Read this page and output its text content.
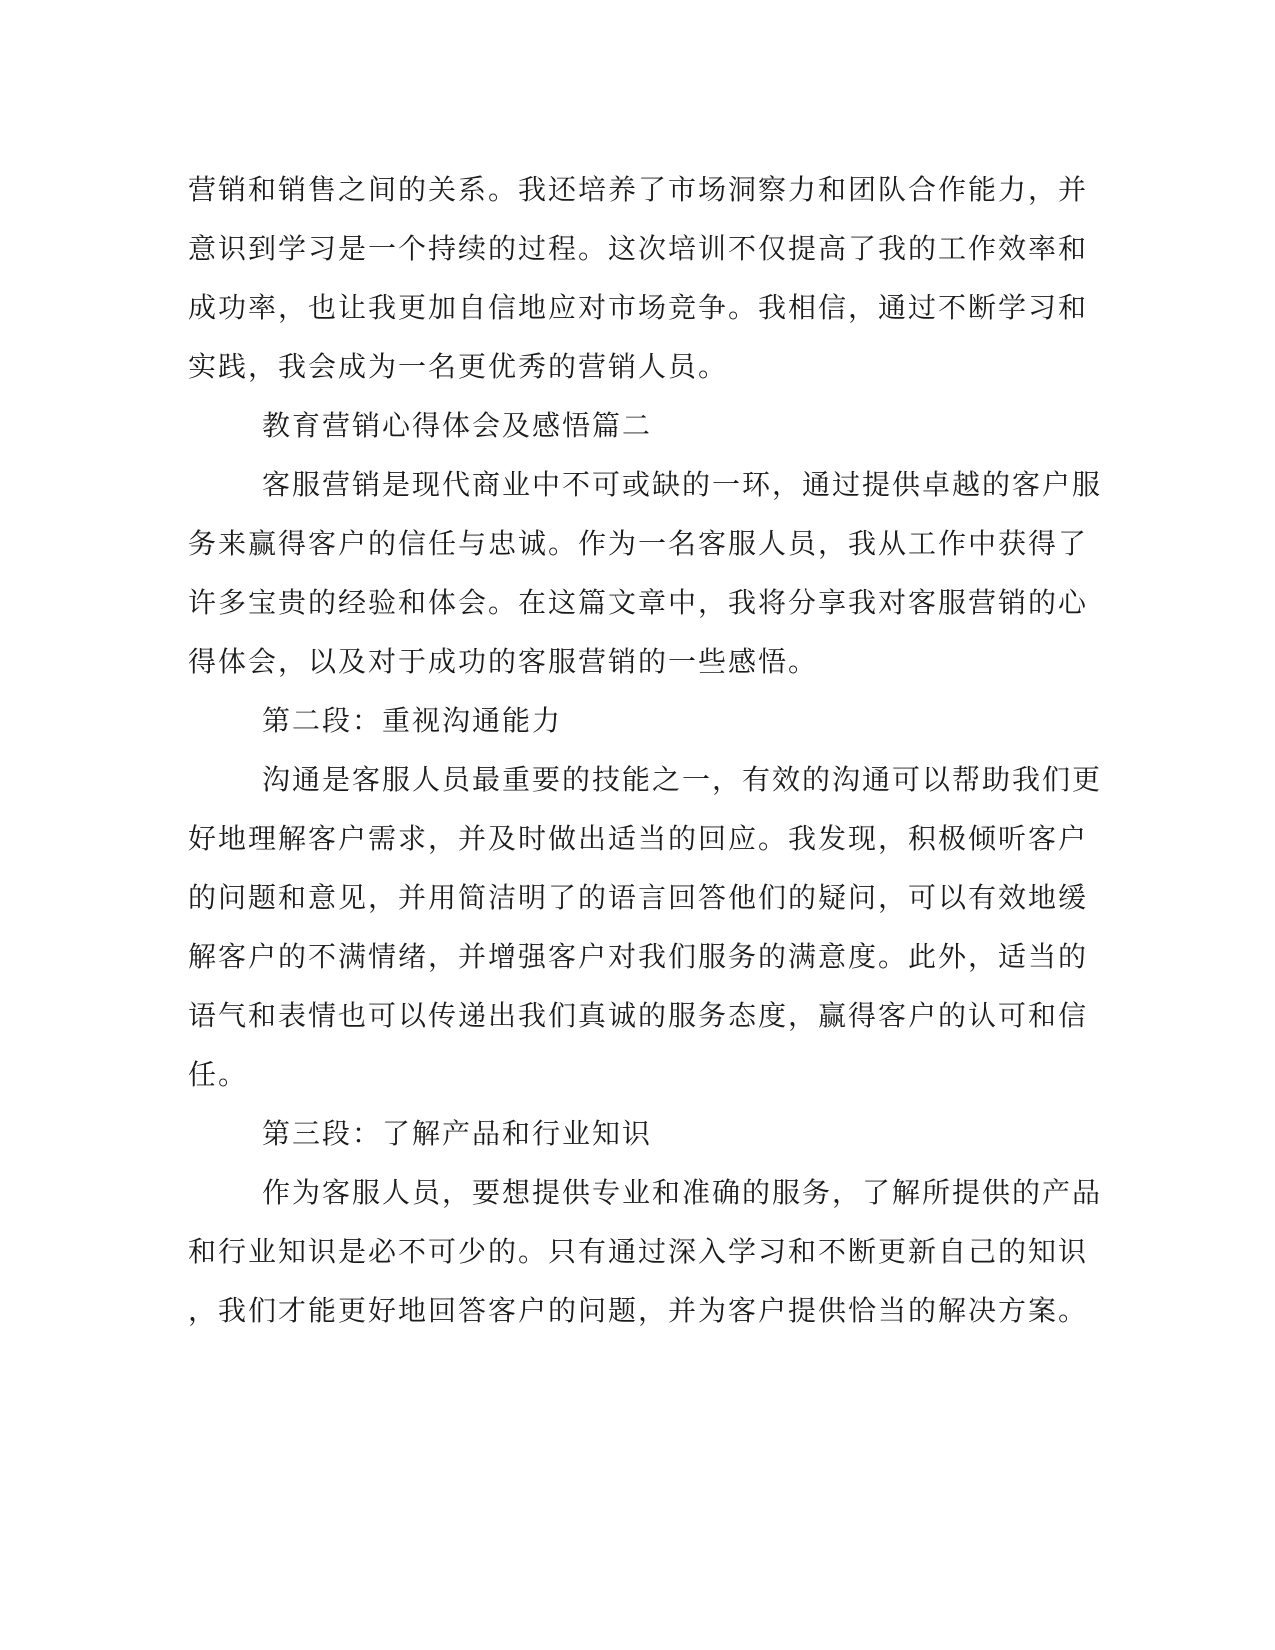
营销和销售之间的关系。我还培养了市场洞察力和团队合作能力，并
意识到学习是一个持续的过程。这次培训不仅提高了我的工作效率和
成功率，也让我更加自信地应对市场竞争。我相信，通过不断学习和
实践，我会成为一名更优秀的营销人员。
教育营销心得体会及感悟篇二
客服营销是现代商业中不可或缺的一环，通过提供卓越的客户服
务来赢得客户的信任与忠诚。作为一名客服人员，我从工作中获得了
许多宝贵的经验和体会。在这篇文章中，我将分享我对客服营销的心
得体会，以及对于成功的客服营销的一些感悟。
第二段：重视沟通能力
沟通是客服人员最重要的技能之一，有效的沟通可以帮助我们更
好地理解客户需求，并及时做出适当的回应。我发现，积极倾听客户
的问题和意见，并用简洁明了的语言回答他们的疑问，可以有效地缓
解客户的不满情绪，并增强客户对我们服务的满意度。此外，适当的
语气和表情也可以传递出我们真诚的服务态度，赢得客户的认可和信
任。
第三段：了解产品和行业知识
作为客服人员，要想提供专业和准确的服务，了解所提供的产品
和行业知识是必不可少的。只有通过深入学习和不断更新自己的知识
，我们才能更好地回答客户的问题，并为客户提供恰当的解决方案。
